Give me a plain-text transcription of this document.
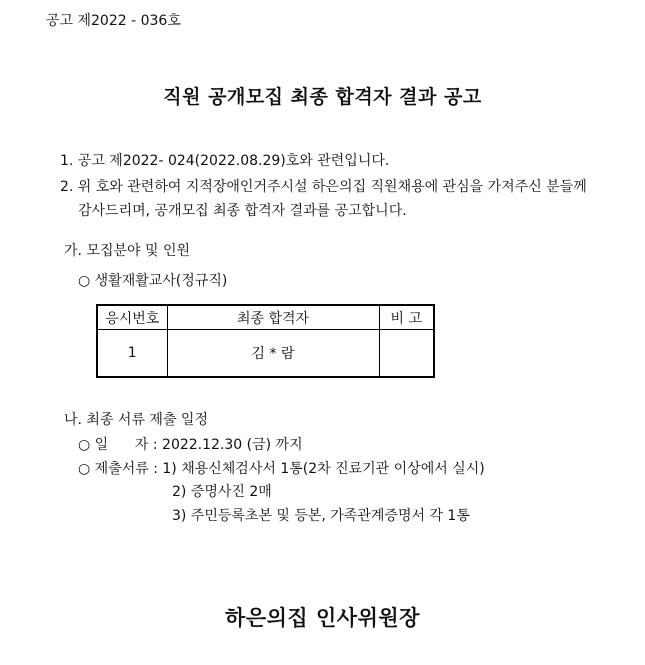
공고 제2022 - 036호
직원 공개모집 최종 합격자 결과 공고
1. 공고 제2022- 024(2022.08.29)호와 관련입니다.
2. 위 호와 관련하여 지적장애인거주시설 하은의집 직원채용에 관심을 가져주신 분들께
감사드리며, 공개모집 최종 합격자 결과를 공고합니다.
가. 모집분야 및 인원
○ 생활재활교사(정규직)
응시번호	최종 합격자	비 고
1	김 * 람	
나. 최종 서류 제출 일정
○ 일      자 : 2022.12.30 (금) 까지
○ 제출서류 : 1) 채용신체검사서 1통(2차 진료기관 이상에서 실시)
2) 증명사진 2매
3) 주민등록초본 및 등본, 가족관계증명서 각 1통
하은의집 인사위원장
